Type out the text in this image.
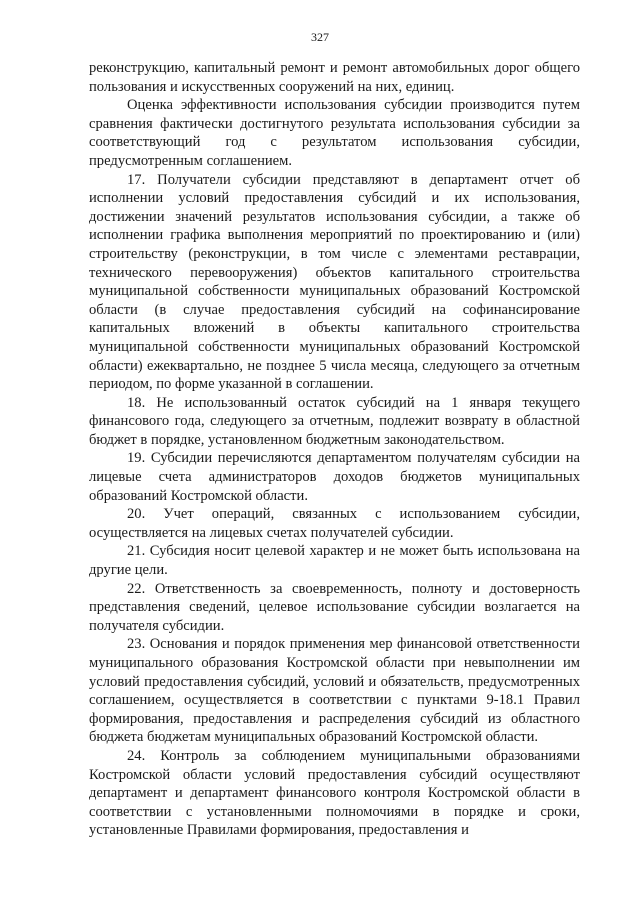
327

реконструкцию, капитальный ремонт и ремонт автомобильных дорог общего пользования и искусственных сооружений на них, единиц.

Оценка эффективности использования субсидии производится путем сравнения фактически достигнутого результата использования субсидии за соответствующий год с результатом использования субсидии, предусмотренным соглашением.

17. Получатели субсидии представляют в департамент отчет об исполнении условий предоставления субсидий и их использования, достижении значений результатов использования субсидии, а также об исполнении графика выполнения мероприятий по проектированию и (или) строительству (реконструкции, в том числе с элементами реставрации, технического перевооружения) объектов капитального строительства муниципальной собственности муниципальных образований Костромской области (в случае предоставления субсидий на софинансирование капитальных вложений в объекты капитального строительства муниципальной собственности муниципальных образований Костромской области) ежеквартально, не позднее 5 числа месяца, следующего за отчетным периодом, по форме указанной в соглашении.

18. Не использованный остаток субсидий на 1 января текущего финансового года, следующего за отчетным, подлежит возврату в областной бюджет в порядке, установленном бюджетным законодательством.

19. Субсидии перечисляются департаментом получателям субсидии на лицевые счета администраторов доходов бюджетов муниципальных образований Костромской области.

20. Учет операций, связанных с использованием субсидии, осуществляется на лицевых счетах получателей субсидии.

21. Субсидия носит целевой характер и не может быть использована на другие цели.

22. Ответственность за своевременность, полноту и достоверность представления сведений, целевое использование субсидии возлагается на получателя субсидии.

23. Основания и порядок применения мер финансовой ответственности муниципального образования Костромской области при невыполнении им условий предоставления субсидий, условий и обязательств, предусмотренных соглашением, осуществляется в соответствии с пунктами 9-18.1 Правил формирования, предоставления и распределения субсидий из областного бюджета бюджетам муниципальных образований Костромской области.

24. Контроль за соблюдением муниципальными образованиями Костромской области условий предоставления субсидий осуществляют департамент и департамент финансового контроля Костромской области в соответствии с установленными полномочиями в порядке и сроки, установленные Правилами формирования, предоставления и
